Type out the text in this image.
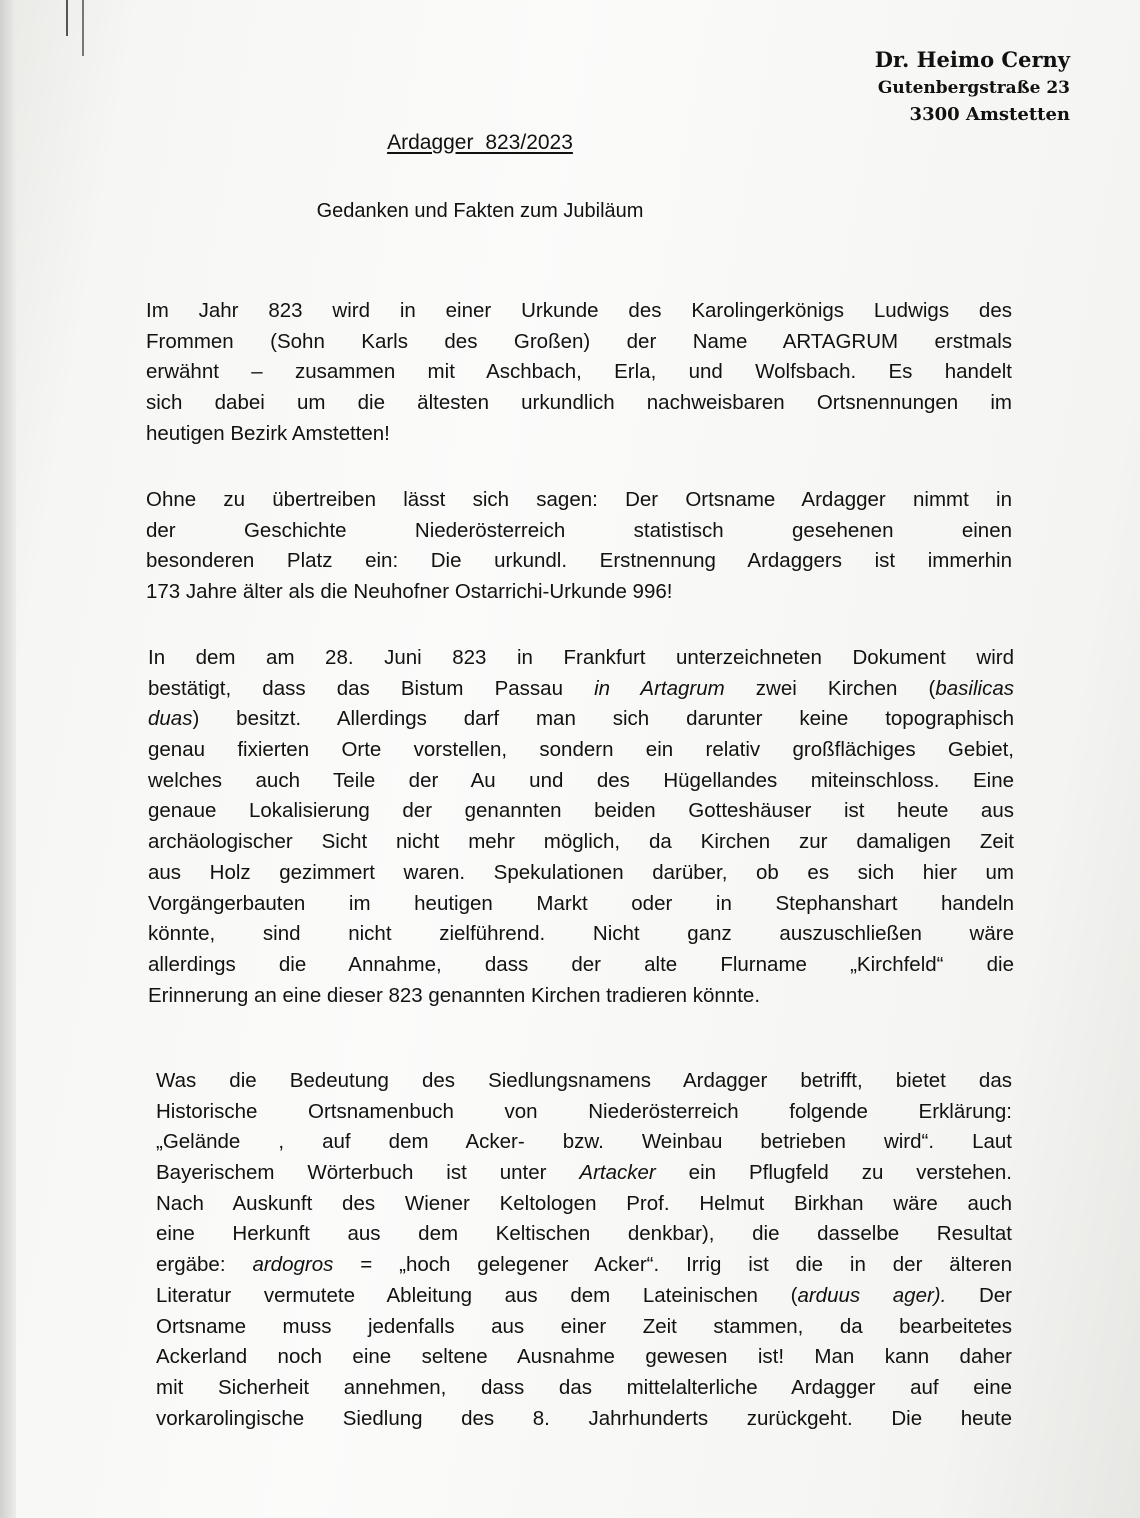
Dr. Heimo Cerny
Gutenbergstraße 23
3300 Amstetten
Ardagger 823/2023
Gedanken und Fakten zum Jubiläum
Im Jahr 823 wird in einer Urkunde des Karolingerkönigs Ludwigs des
Frommen (Sohn Karls des Großen) der Name ARTAGRUM erstmals
erwähnt – zusammen mit Aschbach, Erla, und Wolfsbach. Es handelt
sich dabei um die ältesten urkundlich nachweisbaren Ortsnennungen im
heutigen Bezirk Amstetten!
Ohne zu übertreiben lässt sich sagen: Der Ortsname Ardagger nimmt in
der Geschichte Niederösterreich statistisch gesehenen einen
besonderen Platz ein: Die urkundl. Erstnennung Ardaggers ist immerhin
173 Jahre älter als die Neuhofner Ostarrichi-Urkunde 996!
In dem am 28. Juni 823 in Frankfurt unterzeichneten Dokument wird
bestätigt, dass das Bistum Passau in Artagrum zwei Kirchen (basilicas
duas) besitzt. Allerdings darf man sich darunter keine topographisch
genau fixierten Orte vorstellen, sondern ein relativ großflächiges Gebiet,
welches auch Teile der Au und des Hügellandes miteinschloss. Eine
genaue Lokalisierung der genannten beiden Gotteshäuser ist heute aus
archäologischer Sicht nicht mehr möglich, da Kirchen zur damaligen Zeit
aus Holz gezimmert waren. Spekulationen darüber, ob es sich hier um
Vorgängerbauten im heutigen Markt oder in Stephanshart handeln
könnte, sind nicht zielführend. Nicht ganz auszuschließen wäre
allerdings die Annahme, dass der alte Flurname „Kirchfeld“ die
Erinnerung an eine dieser 823 genannten Kirchen tradieren könnte.
Was die Bedeutung des Siedlungsnamens Ardagger betrifft, bietet das
Historische Ortsnamenbuch von Niederösterreich folgende Erklärung:
„Gelände , auf dem Acker- bzw. Weinbau betrieben wird“. Laut
Bayerischem Wörterbuch ist unter Artacker ein Pflugfeld zu verstehen.
Nach Auskunft des Wiener Keltologen Prof. Helmut Birkhan wäre auch
eine Herkunft aus dem Keltischen denkbar), die dasselbe Resultat
ergäbe: ardogros = „hoch gelegener Acker“. Irrig ist die in der älteren
Literatur vermutete Ableitung aus dem Lateinischen (arduus ager). Der
Ortsname muss jedenfalls aus einer Zeit stammen, da bearbeitetes
Ackerland noch eine seltene Ausnahme gewesen ist! Man kann daher
mit Sicherheit annehmen, dass das mittelalterliche Ardagger auf eine
vorkarolingische Siedlung des 8. Jahrhunderts zurückgeht. Die heute
